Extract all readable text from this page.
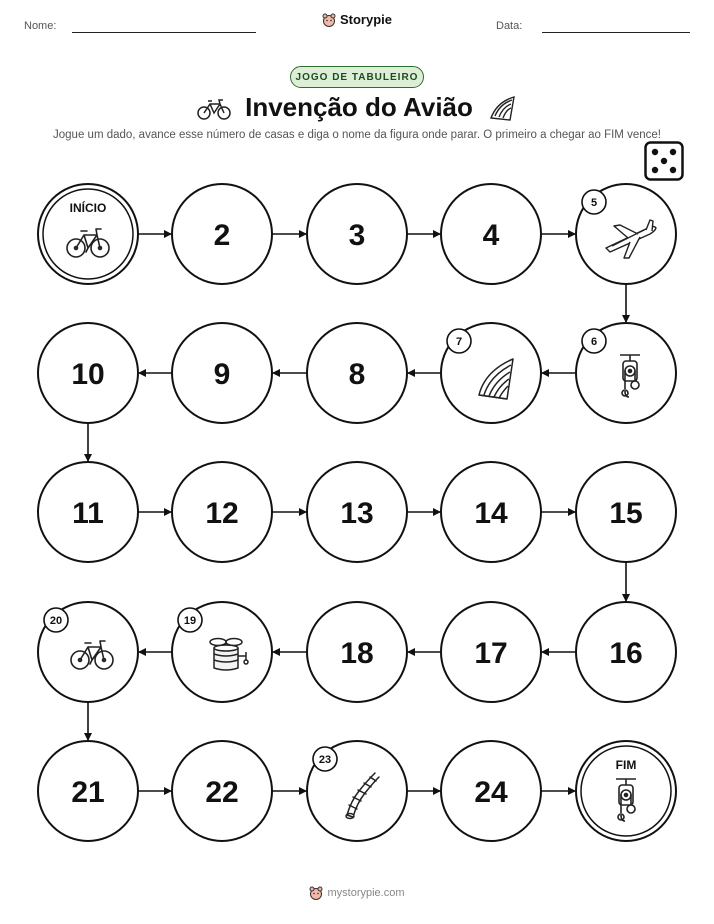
Nome:	Storypie	Data:
JOGO DE TABULEIRO
Invenção do Avião
Jogue um dado, avance esse número de casas e diga o nome da figura onde parar. O primeiro a chegar ao FIM vence!
INÍCIO
2	3	4
5
6
7
8
9
10
11	12	13	14	15
16
17
18
19
20
21	22
23
24
FIM
mystorypie.com
